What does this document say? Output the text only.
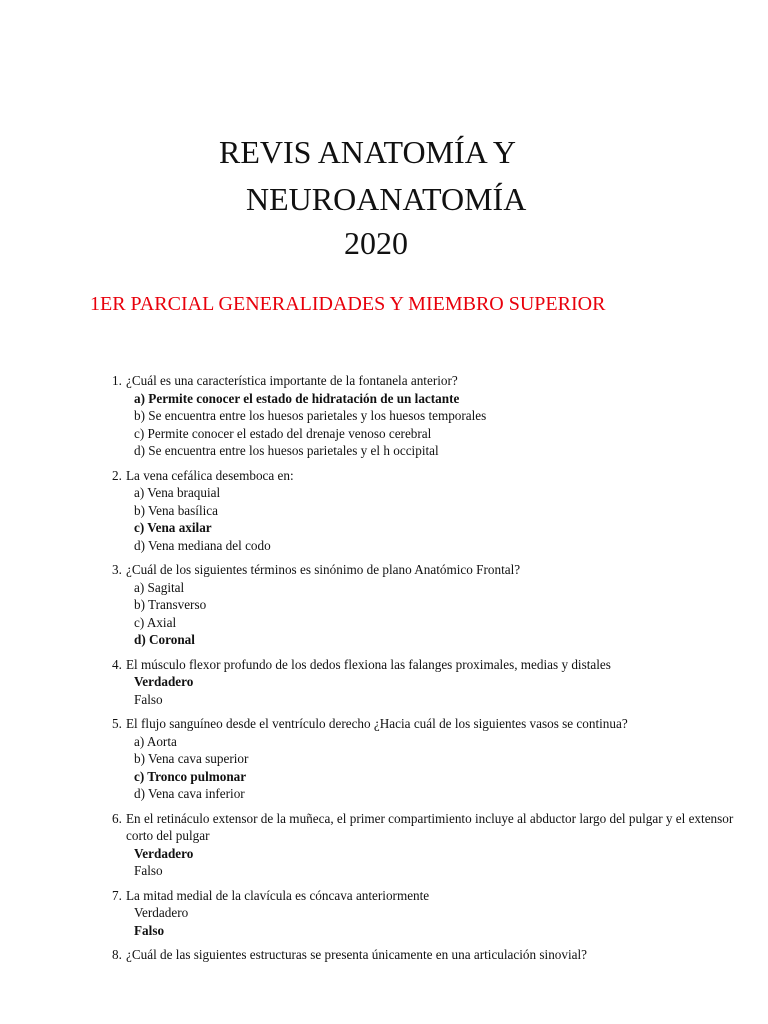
REVIS ANATOMÍA Y
NEUROANATOMÍA
2020
1ER PARCIAL GENERALIDADES Y MIEMBRO SUPERIOR
1. ¿Cuál es una característica importante de la fontanela anterior?
a) Permite conocer el estado de hidratación de un lactante
b) Se encuentra entre los huesos parietales y los huesos temporales
c) Permite conocer el estado del drenaje venoso cerebral
d) Se encuentra entre los huesos parietales y el h occipital
2. La vena cefálica desemboca en:
a) Vena braquial
b) Vena basílica
c) Vena axilar
d) Vena mediana del codo
3. ¿Cuál de los siguientes términos es sinónimo de plano Anatómico Frontal?
a) Sagital
b) Transverso
c) Axial
d) Coronal
4. El músculo flexor profundo de los dedos flexiona las falanges proximales, medias y distales
Verdadero
Falso
5. El flujo sanguíneo desde el ventrículo derecho ¿Hacia cuál de los siguientes vasos se continua?
a) Aorta
b) Vena cava superior
c) Tronco pulmonar
d) Vena cava inferior
6. En el retináculo extensor de la muñeca, el primer compartimiento incluye al abductor largo del pulgar y el extensor corto del pulgar
Verdadero
Falso
7. La mitad medial de la clavícula es cóncava anteriormente
Verdadero
Falso
8. ¿Cuál de las siguientes estructuras se presenta únicamente en una articulación sinovial?
